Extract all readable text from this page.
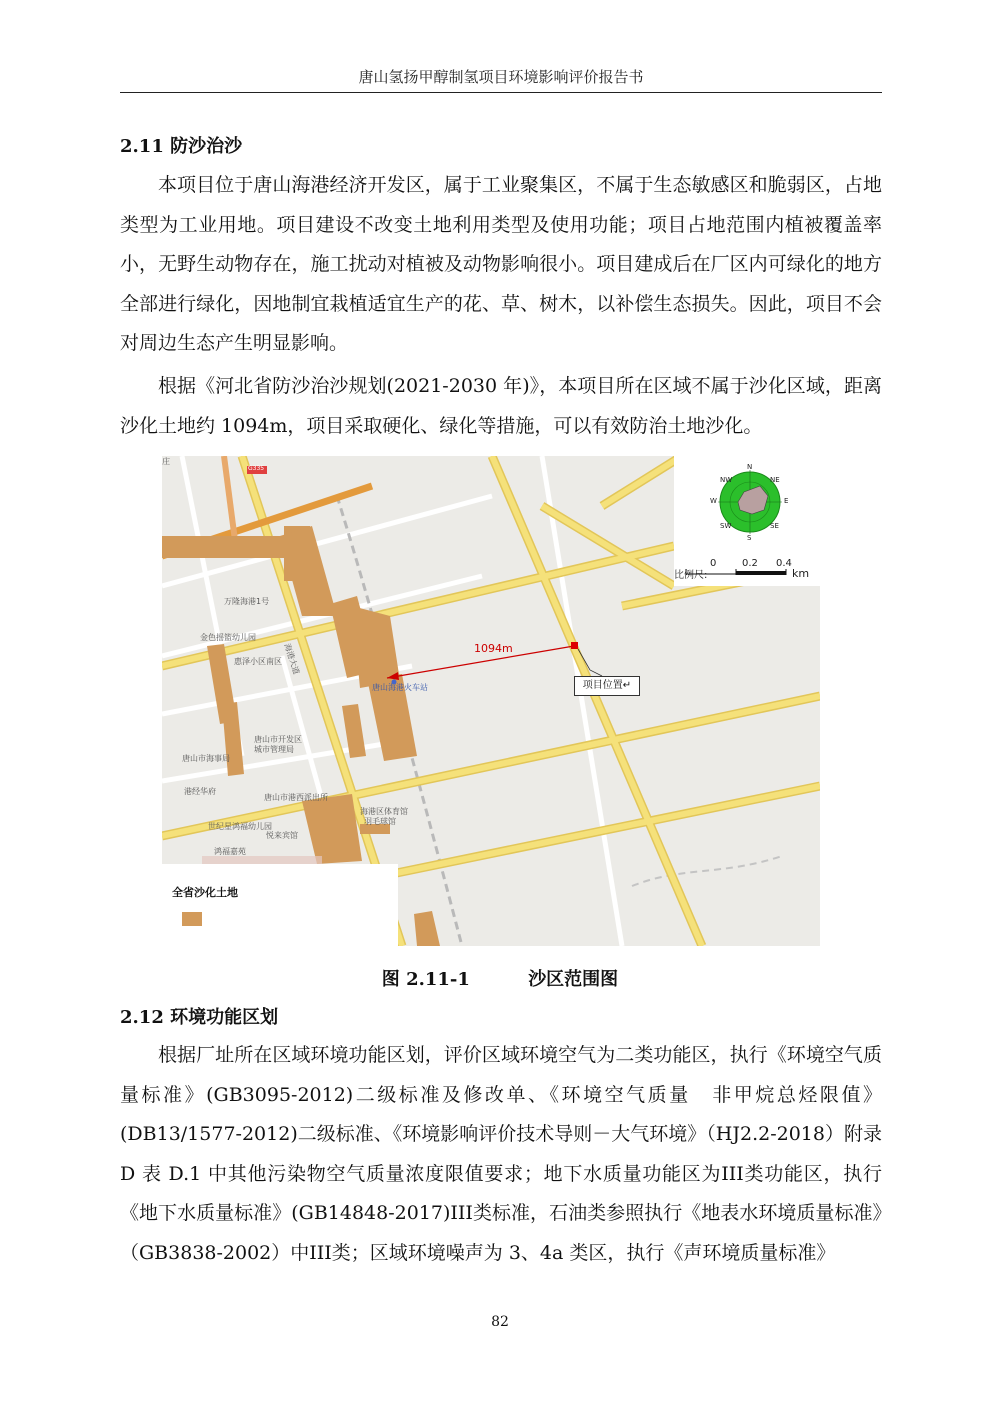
唐山氢扬甲醇制氢项目环境影响评价报告书
2.11 防沙治沙

本项目位于唐山海港经济开发区，属于工业聚集区，不属于生态敏感区和脆弱区，占地类型为工业用地。项目建设不改变土地利用类型及使用功能；项目占地范围内植被覆盖率小，无野生动物存在，施工扰动对植被及动物影响很小。项目建成后在厂区内可绿化的地方全部进行绿化，因地制宜栽植适宜生产的花、草、树木，以补偿生态损失。因此，项目不会对周边生态产生明显影响。

根据《河北省防沙治沙规划(2021-2030 年)》，本项目所在区域不属于沙化区域，距离沙化土地约 1094m，项目采取硬化、绿化等措施，可以有效防治土地沙化。

庄
G335
万隆海港1号
金色摇篮幼儿园
惠泽小区南区 海港大道
唐山海港火车站
唐山市开发区
城市管理局
唐山市海事局
港经华府
唐山市港西派出所
海港区体育馆
羽毛球馆
世纪星鸿福幼儿园
悦来宾馆
鸿福嘉苑
1094m
项目位置↵
N
NE
E
SE
S
SW
W
NW
比例尺:
0	0.2 0.4
km
全省沙化土地
图 2.11-1	沙区范围图
2.12 环境功能区划

根据厂址所在区域环境功能区划，评价区域环境空气为二类功能区，执行《环境空气质量标准》(GB3095-2012)二级标准及修改单、《环境空气质量　非甲烷总烃限值》(DB13/1577-2012)二级标准、《环境影响评价技术导则－大气环境》（HJ2.2-2018）附录 D 表 D.1 中其他污染物空气质量浓度限值要求；地下水质量功能区为III类功能区，执行《地下水质量标准》(GB14848-2017)III类标准，石油类参照执行《地表水环境质量标准》（GB3838-2002）中III类；区域环境噪声为 3、4a 类区，执行《声环境质量标准》

82
